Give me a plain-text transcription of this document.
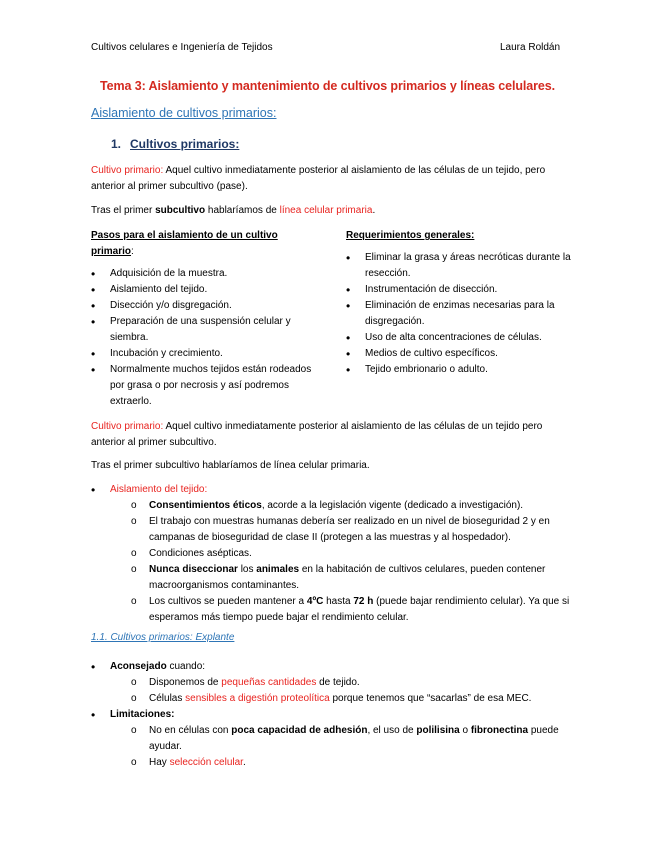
Cultivos celulares e Ingeniería de Tejidos	Laura Roldán
Tema 3: Aislamiento y mantenimiento de cultivos primarios y líneas celulares.
Aislamiento de cultivos primarios:
1. Cultivos primarios:
Cultivo primario: Aquel cultivo inmediatamente posterior al aislamiento de las células de un tejido, pero anterior al primer subcultivo (pase).
Tras el primer subcultivo hablaríamos de línea celular primaria.
Pasos para el aislamiento de un cultivo primario:
• Adquisición de la muestra.
• Aislamiento del tejido.
• Disección y/o disgregación.
• Preparación de una suspensión celular y siembra.
• Incubación y crecimiento.
• Normalmente muchos tejidos están rodeados por grasa o por necrosis y así podremos extraerlo.
Requerimientos generales:
• Eliminar la grasa y áreas necróticas durante la resección.
• Instrumentación de disección.
• Eliminación de enzimas necesarias para la disgregación.
• Uso de alta concentraciones de células.
• Medios de cultivo específicos.
• Tejido embrionario o adulto.
Cultivo primario: Aquel cultivo inmediatamente posterior al aislamiento de las células de un tejido pero anterior al primer subcultivo.
Tras el primer subcultivo hablaríamos de línea celular primaria.
• Aislamiento del tejido:
o Consentimientos éticos, acorde a la legislación vigente (dedicado a investigación).
o El trabajo con muestras humanas debería ser realizado en un nivel de bioseguridad 2 y en campanas de bioseguridad de clase II (protegen a las muestras y al hospedador).
o Condiciones asépticas.
o Nunca diseccionar los animales en la habitación de cultivos celulares, pueden contener macroorganismos contaminantes.
o Los cultivos se pueden mantener a 4ºC hasta 72 h (puede bajar rendimiento celular). Ya que si esperamos más tiempo puede bajar el rendimiento celular.
1.1. Cultivos primarios: Explante
• Aconsejado cuando:
o Disponemos de pequeñas cantidades de tejido.
o Células sensibles a digestión proteolítica porque tenemos que “sacarlas” de esa MEC.
• Limitaciones:
o No en células con poca capacidad de adhesión, el uso de polilisina o fibronectina puede ayudar.
o Hay selección celular.
